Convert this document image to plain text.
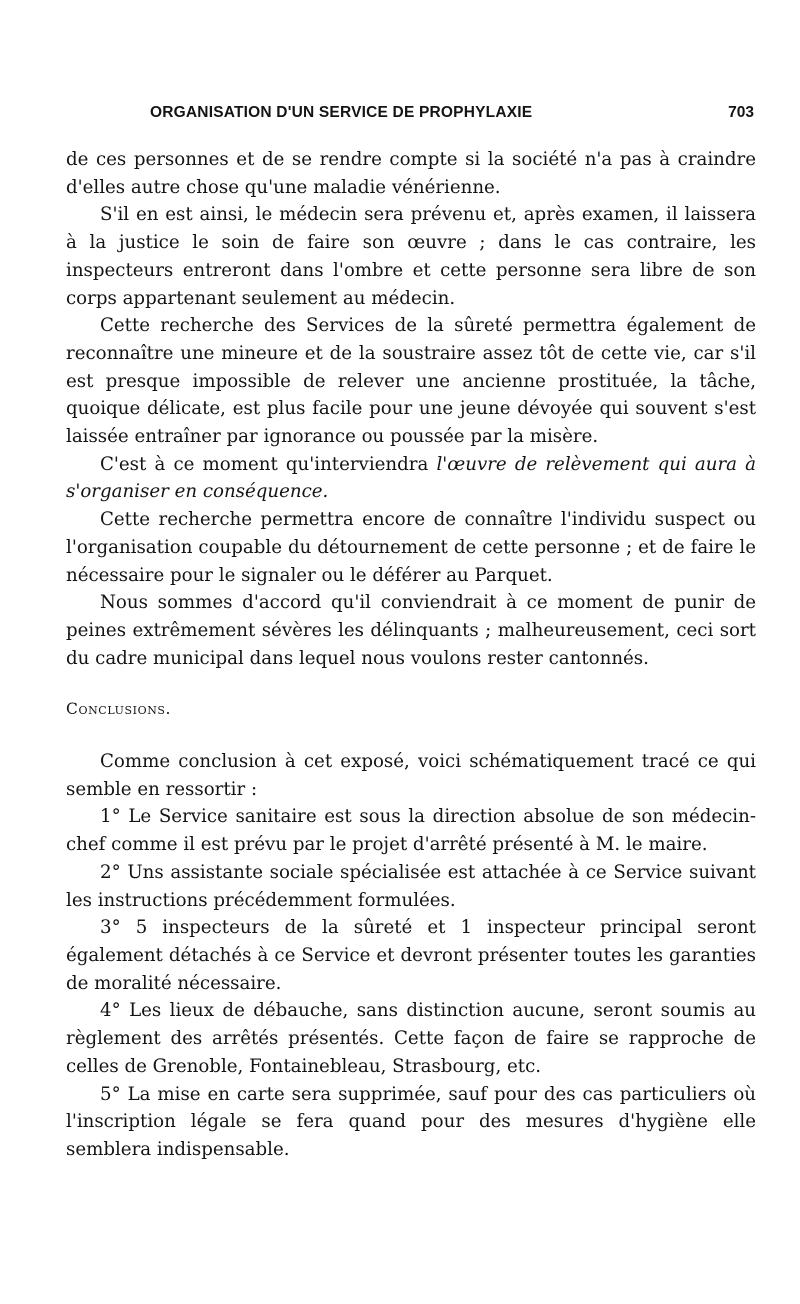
ORGANISATION D'UN SERVICE DE PROPHYLAXIE	703

de ces personnes et de se rendre compte si la société n'a pas à craindre d'elles autre chose qu'une maladie vénérienne.

S'il en est ainsi, le médecin sera prévenu et, après examen, il laissera à la justice le soin de faire son œuvre ; dans le cas contraire, les inspecteurs entreront dans l'ombre et cette personne sera libre de son corps appartenant seulement au médecin.

Cette recherche des Services de la sûreté permettra également de reconnaître une mineure et de la soustraire assez tôt de cette vie, car s'il est presque impossible de relever une ancienne prostituée, la tâche, quoique délicate, est plus facile pour une jeune dévoyée qui souvent s'est laissée entraîner par ignorance ou poussée par la misère.

C'est à ce moment qu'interviendra l'œuvre de relèvement qui aura à s'organiser en conséquence.

Cette recherche permettra encore de connaître l'individu suspect ou l'organisation coupable du détournement de cette personne ; et de faire le nécessaire pour le signaler ou le déférer au Parquet.

Nous sommes d'accord qu'il conviendrait à ce moment de punir de peines extrêmement sévères les délinquants ; malheureusement, ceci sort du cadre municipal dans lequel nous voulons rester cantonnés.

Conclusions.

Comme conclusion à cet exposé, voici schématiquement tracé ce qui semble en ressortir :

1° Le Service sanitaire est sous la direction absolue de son médecin-chef comme il est prévu par le projet d'arrêté présenté à M. le maire.

2° Uns assistante sociale spécialisée est attachée à ce Service suivant les instructions précédemment formulées.

3° 5 inspecteurs de la sûreté et 1 inspecteur principal seront également détachés à ce Service et devront présenter toutes les garanties de moralité nécessaire.

4° Les lieux de débauche, sans distinction aucune, seront soumis au règlement des arrêtés présentés. Cette façon de faire se rapproche de celles de Grenoble, Fontainebleau, Strasbourg, etc.

5° La mise en carte sera supprimée, sauf pour des cas particuliers où l'inscription légale se fera quand pour des mesures d'hygiène elle semblera indispensable.
